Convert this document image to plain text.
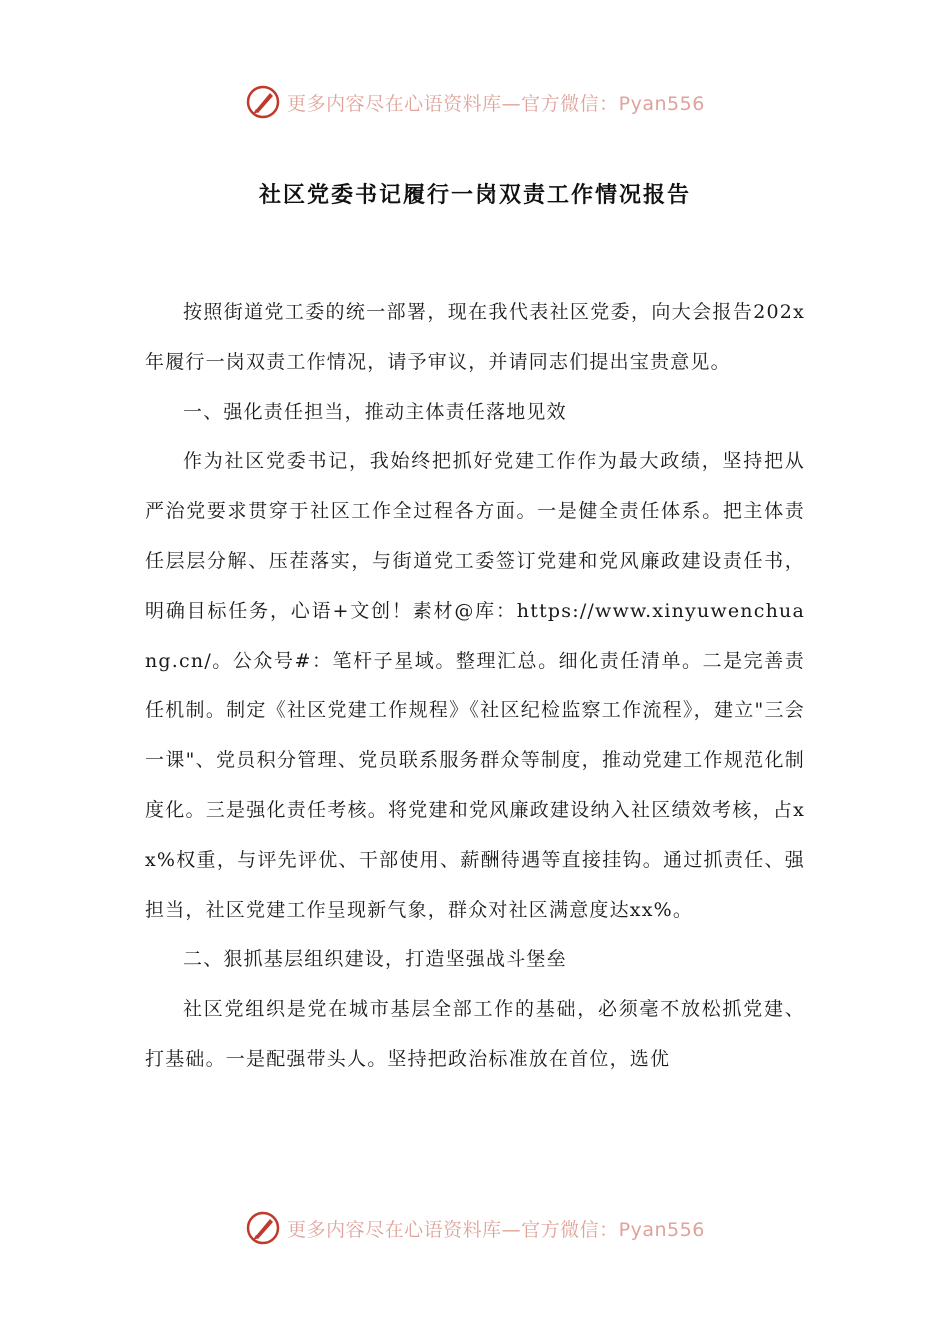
更多内容尽在心语资料库—官方微信：Pyan556
社区党委书记履行一岗双责工作情况报告

按照街道党工委的统一部署，现在我代表社区党委，向大会报告202x年履行一岗双责工作情况，请予审议，并请同志们提出宝贵意见。

一、强化责任担当，推动主体责任落地见效

作为社区党委书记，我始终把抓好党建工作作为最大政绩，坚持把从严治党要求贯穿于社区工作全过程各方面。一是健全责任体系。把主体责任层层分解、压茬落实，与街道党工委签订党建和党风廉政建设责任书，明确目标任务，心语+文创！素材@库：https://www.xinyuwenchuang.cn/。公众号#：笔杆子星域。整理汇总。细化责任清单。二是完善责任机制。制定《社区党建工作规程》《社区纪检监察工作流程》，建立"三会一课"、党员积分管理、党员联系服务群众等制度，推动党建工作规范化制度化。三是强化责任考核。将党建和党风廉政建设纳入社区绩效考核，占xx%权重，与评先评优、干部使用、薪酬待遇等直接挂钩。通过抓责任、强担当，社区党建工作呈现新气象，群众对社区满意度达xx%。

二、狠抓基层组织建设，打造坚强战斗堡垒

社区党组织是党在城市基层全部工作的基础，必须毫不放松抓党建、打基础。一是配强带头人。坚持把政治标准放在首位，选优

更多内容尽在心语资料库—官方微信：Pyan556
